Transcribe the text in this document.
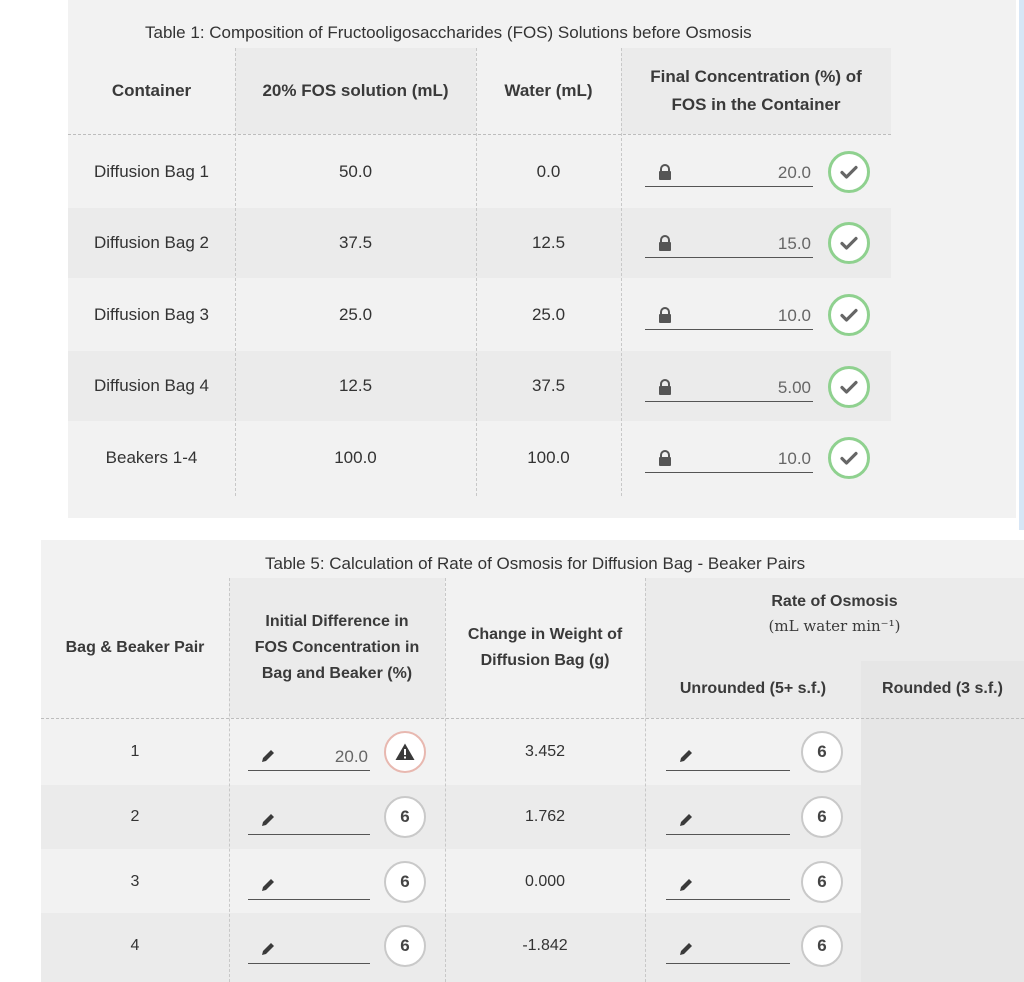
Table 1: Composition of Fructooligosaccharides (FOS) Solutions before Osmosis
Container	20% FOS solution (mL)	Water (mL)
Final Concentration (%) of
FOS in the Container
Diffusion Bag 1	50.0	0.0	20.0
Diffusion Bag 2	37.5	12.5	15.0
Diffusion Bag 3	25.0	25.0	10.0
Diffusion Bag 4	12.5	37.5	5.00
Beakers 1-4	100.0	100.0	10.0
Table 5: Calculation of Rate of Osmosis for Diffusion Bag - Beaker Pairs
Bag & Beaker Pair
Initial Difference in
FOS Concentration in
Bag and Beaker (%)
Change in Weight of
Diffusion Bag (g)
Rate of Osmosis
(mL water min⁻¹)
Unrounded (5+ s.f.)	Rounded (3 s.f.)
1	20.0	3.452	6
2	6	1.762	6
3	6	0.000	6
4	6	-1.842	6
